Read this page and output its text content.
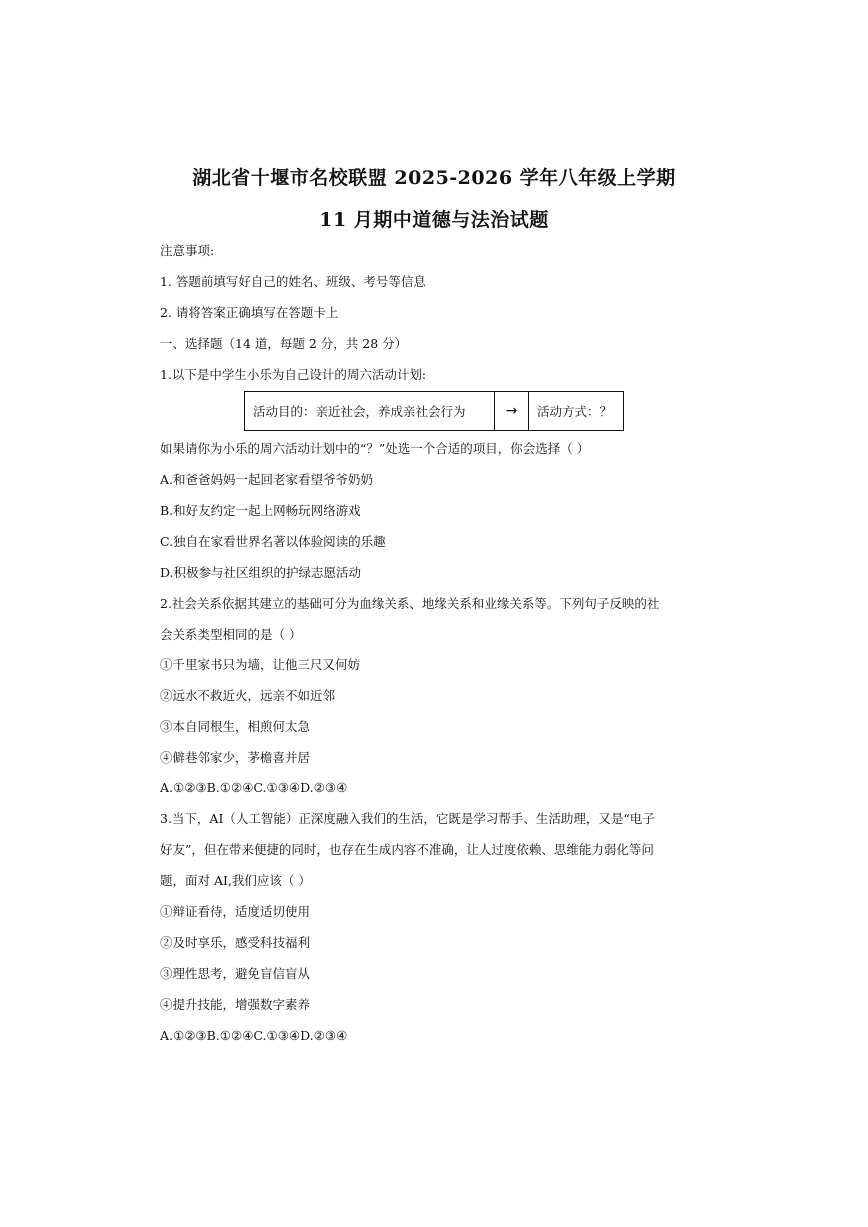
湖北省十堰市名校联盟 2025-2026 学年八年级上学期
11 月期中道德与法治试题
注意事项:
1. 答题前填写好自己的姓名、班级、考号等信息
2. 请将答案正确填写在答题卡上
一、选择题（14 道，每题 2 分，共 28 分）
1.以下是中学生小乐为自己设计的周六活动计划:
活动目的：亲近社会，养成亲社会行为	→	活动方式：？
如果请你为小乐的周六活动计划中的“？”处选一个合适的项目，你会选择（ ）
A.和爸爸妈妈一起回老家看望爷爷奶奶
B.和好友约定一起上网畅玩网络游戏
C.独自在家看世界名著以体验阅读的乐趣
D.积极参与社区组织的护绿志愿活动
2.社会关系依据其建立的基础可分为血缘关系、地缘关系和业缘关系等。下列句子反映的社
会关系类型相同的是（ ）
①千里家书只为墙，让他三尺又何妨
②远水不救近火，远亲不如近邻
③本自同根生，相煎何太急
④僻巷邻家少，茅檐喜并居
A.①②③B.①②④C.①③④D.②③④
3.当下，AI（人工智能）正深度融入我们的生活，它既是学习帮手、生活助理，又是“电子
好友”，但在带来便捷的同时，也存在生成内容不准确，让人过度依赖、思维能力弱化等问
题，面对 AI,我们应该（ ）
①辩证看待，适度适切使用
②及时享乐，感受科技福利
③理性思考，避免盲信盲从
④提升技能，增强数字素养
A.①②③B.①②④C.①③④D.②③④
